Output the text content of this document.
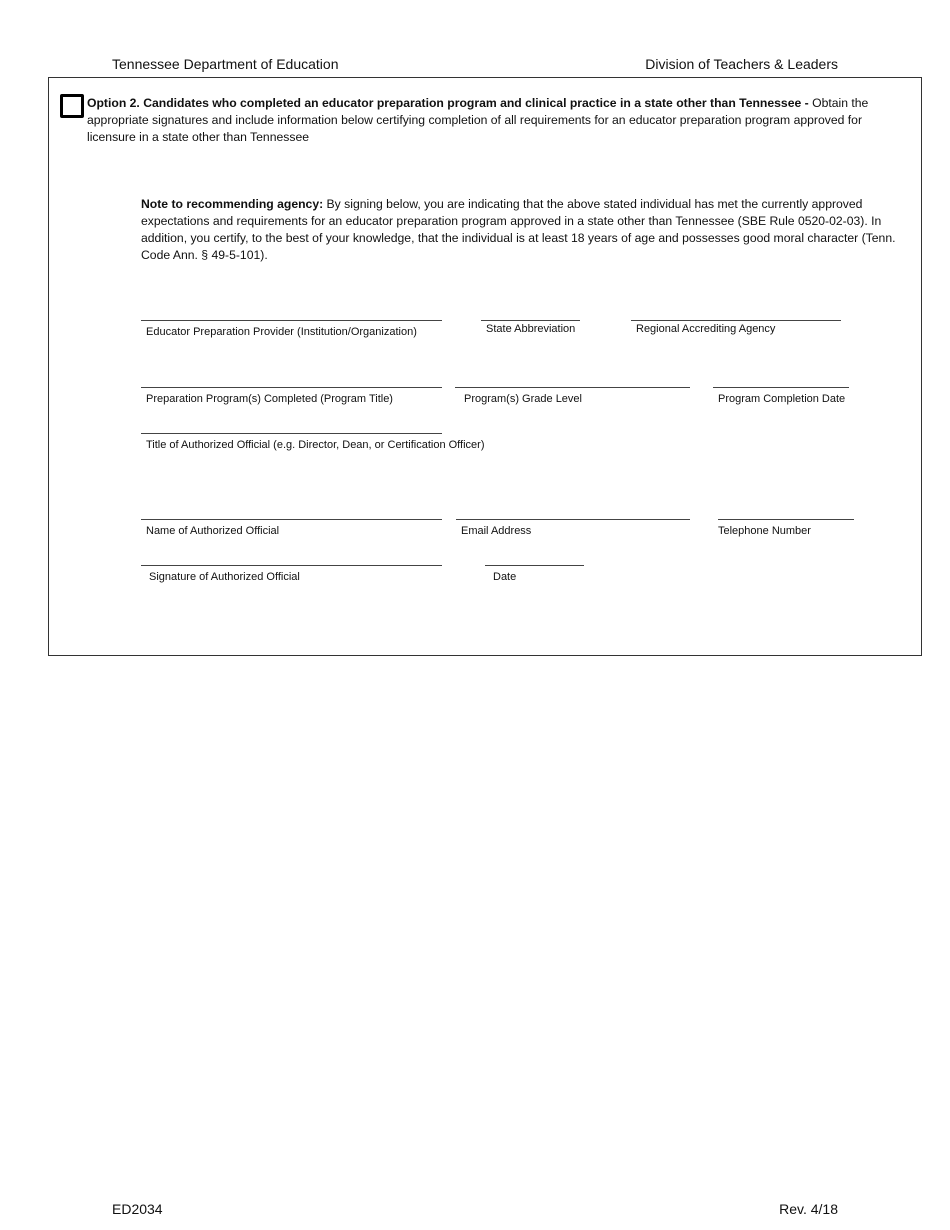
Tennessee Department of Education	Division of Teachers & Leaders
Option 2. Candidates who completed an educator preparation program and clinical practice in a state other than Tennessee - Obtain the appropriate signatures and include information below certifying completion of all requirements for an educator preparation program approved for licensure in a state other than Tennessee
Note to recommending agency: By signing below, you are indicating that the above stated individual has met the currently approved expectations and requirements for an educator preparation program approved in a state other than Tennessee (SBE Rule 0520-02-03). In addition, you certify, to the best of your knowledge, that the individual is at least 18 years of age and possesses good moral character (Tenn. Code Ann. § 49-5-101).
Educator Preparation Provider (Institution/Organization)	State Abbreviation	Regional Accrediting Agency
Preparation Program(s) Completed (Program Title)	Program(s) Grade Level	Program Completion Date
Title of Authorized Official (e.g. Director, Dean, or Certification Officer)
Name of Authorized Official	Email Address	Telephone Number
Signature of Authorized Official	Date
ED2034	Rev. 4/18
